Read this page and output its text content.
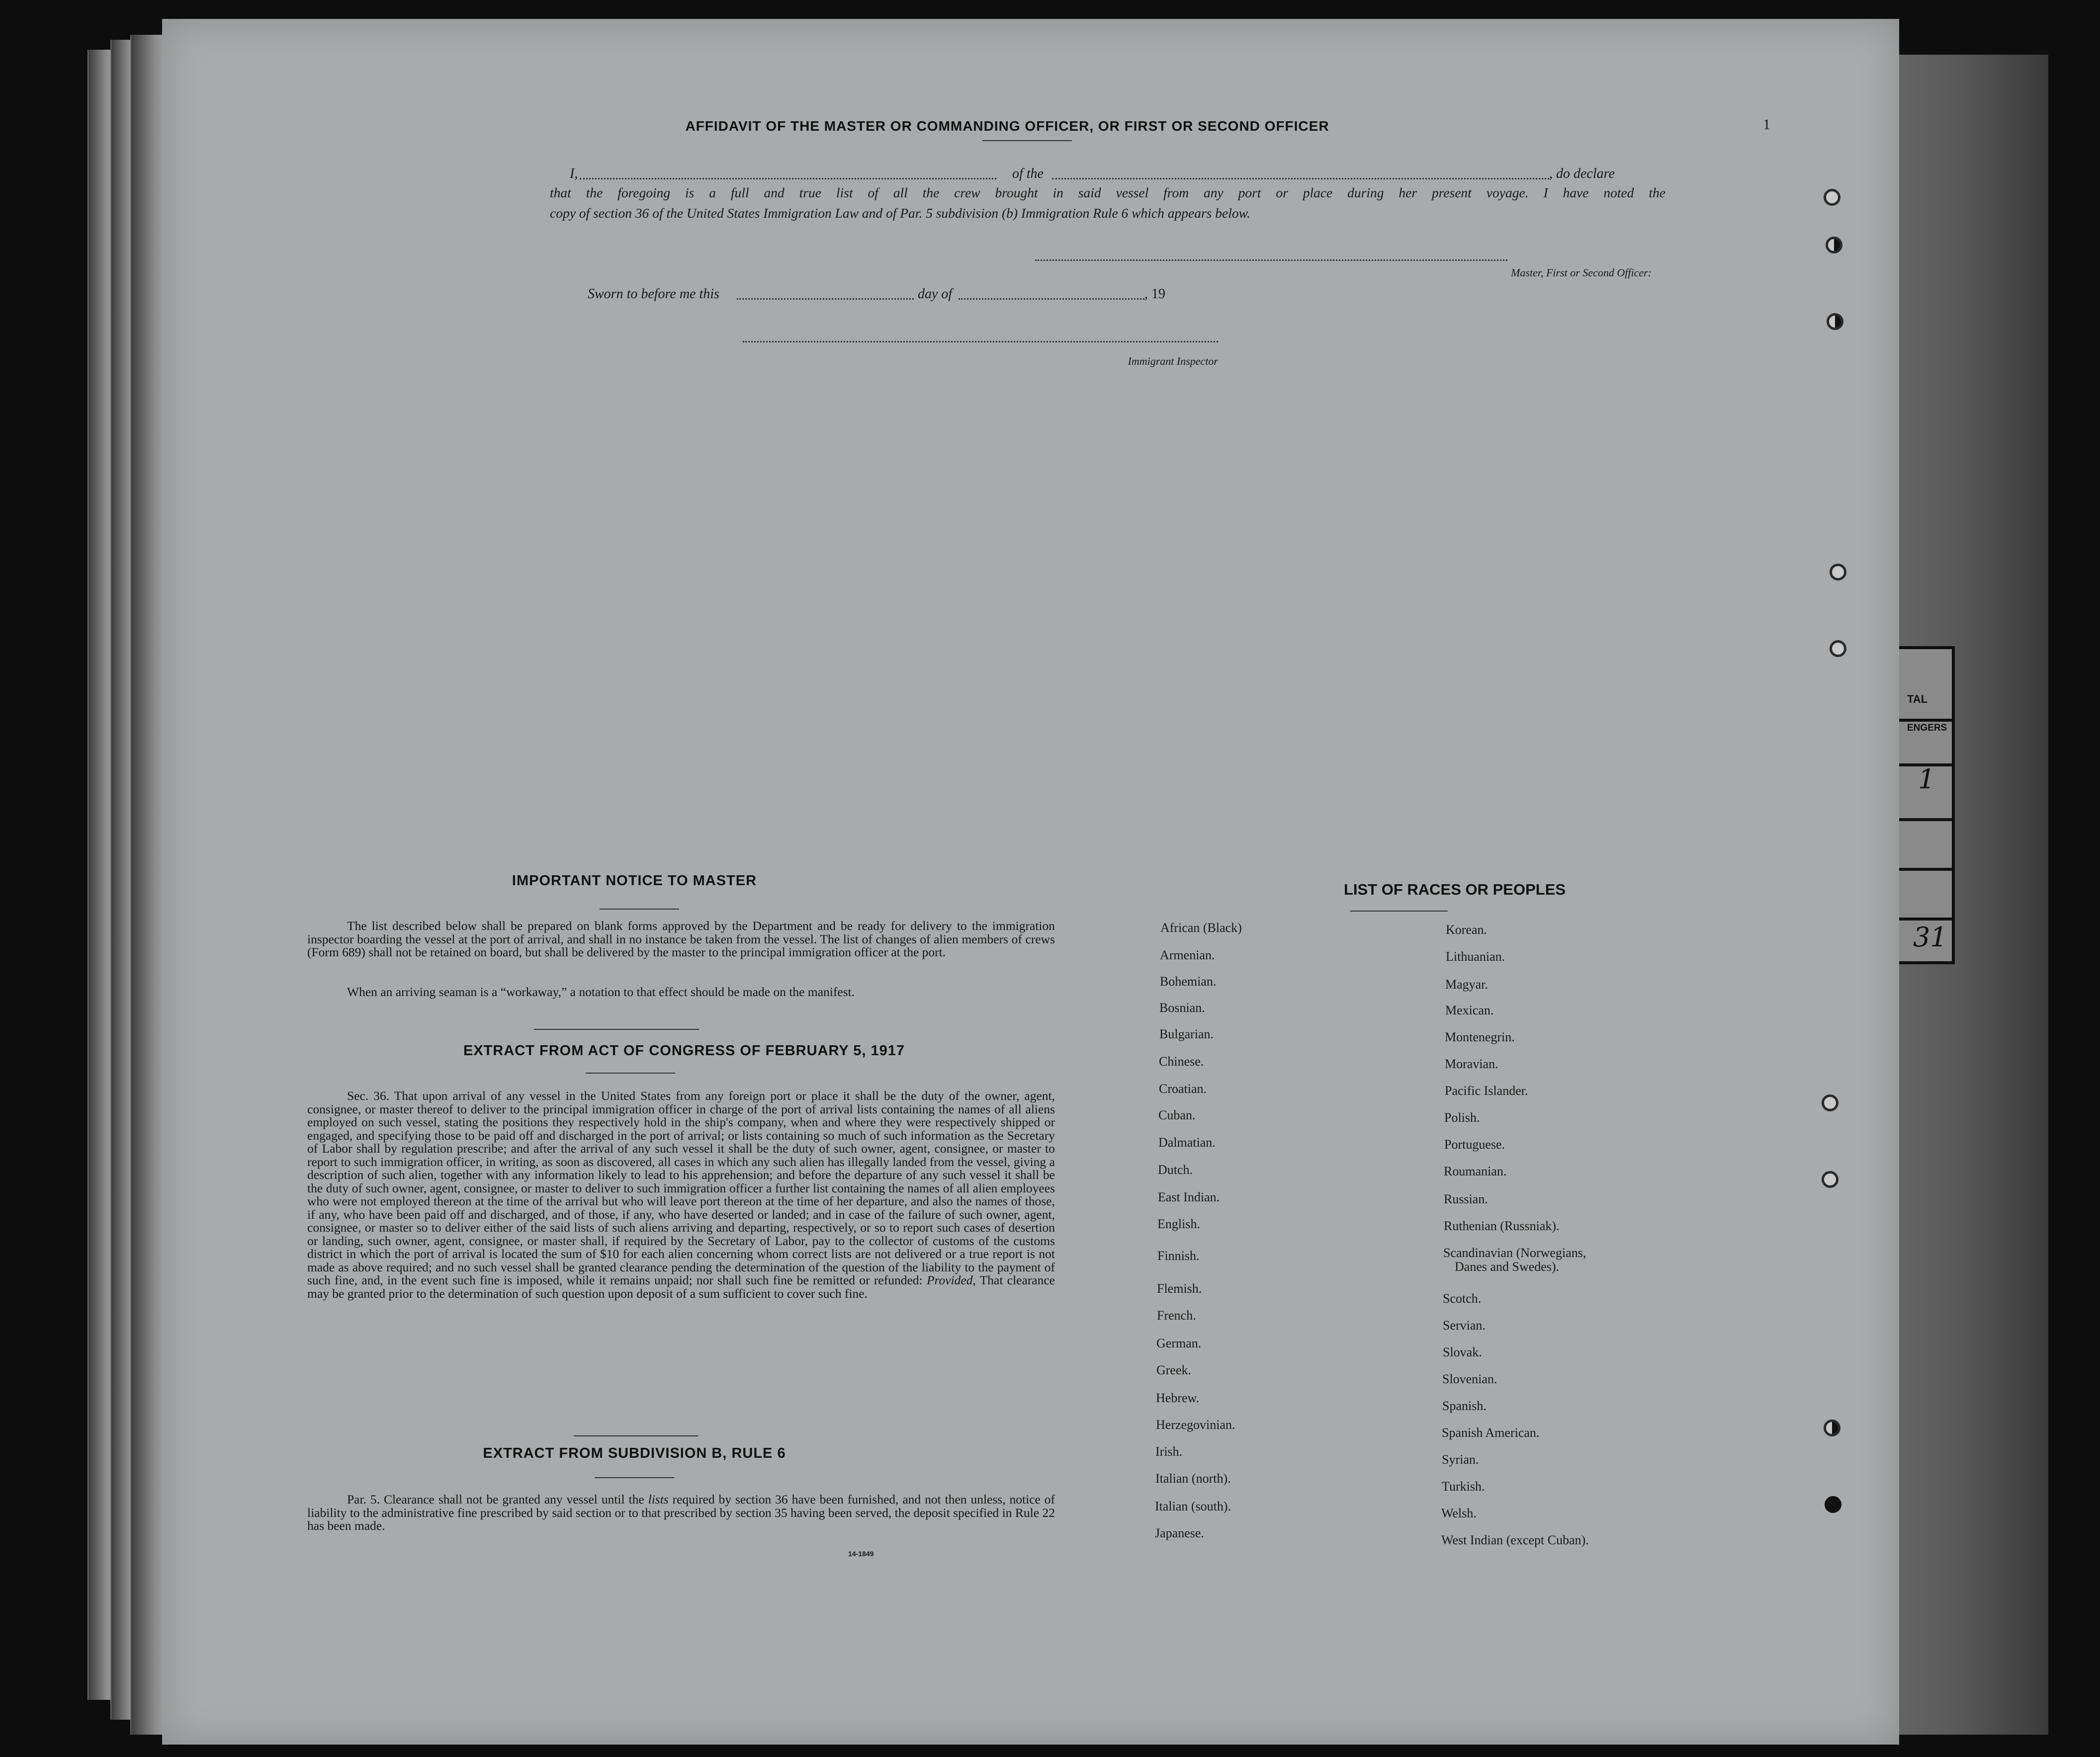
TAL
ENGERS
1
31
1
AFFIDAVIT OF THE MASTER OR COMMANDING OFFICER, OR FIRST OR SECOND OFFICER
I,	of the	, do declare
that the foregoing is a full and true list of all the crew brought in said vessel from any port or place during her present voyage. I have noted the
copy of section 36 of the United States Immigration Law and of Par. 5 subdivision (b) Immigration Rule 6 which appears below.
Master, First or Second Officer:
Sworn to before me this	day of	, 19
Immigrant Inspector
IMPORTANT NOTICE TO MASTER
The list described below shall be prepared on blank forms approved by the Department and be ready for delivery to the immigration inspector boarding the vessel at the port of arrival, and shall in no instance be taken from the vessel. The list of changes of alien members of crews (Form 689) shall not be retained on board, but shall be delivered by the master to the principal immigration officer at the port.
When an arriving seaman is a “workaway,” a notation to that effect should be made on the manifest.
EXTRACT FROM ACT OF CONGRESS OF FEBRUARY 5, 1917
Sec. 36. That upon arrival of any vessel in the United States from any foreign port or place it shall be the duty of the owner, agent, consignee, or master thereof to deliver to the principal immigration officer in charge of the port of arrival lists containing the names of all aliens employed on such vessel, stating the positions they respectively hold in the ship's company, when and where they were respectively shipped or engaged, and specifying those to be paid off and discharged in the port of arrival; or lists containing so much of such information as the Secretary of Labor shall by regulation prescribe; and after the arrival of any such vessel it shall be the duty of such owner, agent, consignee, or master to report to such immigration officer, in writing, as soon as discovered, all cases in which any such alien has illegally landed from the vessel, giving a description of such alien, together with any information likely to lead to his apprehension; and before the departure of any such vessel it shall be the duty of such owner, agent, consignee, or master to deliver to such immigration officer a further list containing the names of all alien employees who were not employed thereon at the time of the arrival but who will leave port thereon at the time of her departure, and also the names of those, if any, who have been paid off and discharged, and of those, if any, who have deserted or landed; and in case of the failure of such owner, agent, consignee, or master so to deliver either of the said lists of such aliens arriving and departing, respectively, or so to report such cases of desertion or landing, such owner, agent, consignee, or master shall, if required by the Secretary of Labor, pay to the collector of customs of the customs district in which the port of arrival is located the sum of $10 for each alien concerning whom correct lists are not delivered or a true report is not made as above required; and no such vessel shall be granted clearance pending the determination of the question of the liability to the payment of such fine, and, in the event such fine is imposed, while it remains unpaid; nor shall such fine be remitted or refunded: Provided, That clearance may be granted prior to the determination of such question upon deposit of a sum sufficient to cover such fine.
EXTRACT FROM SUBDIVISION B, RULE 6
Par. 5. Clearance shall not be granted any vessel until the lists required by section 36 have been furnished, and not then unless, notice of liability to the administrative fine prescribed by said section or to that prescribed by section 35 having been served, the deposit specified in Rule 22 has been made.
14-1849
LIST OF RACES OR PEOPLES
African (Black)
Armenian.
Bohemian.
Bosnian.
Bulgarian.
Chinese.
Croatian.
Cuban.
Dalmatian.
Dutch.
East Indian.
English.
Finnish.
Flemish.
French.
German.
Greek.
Hebrew.
Herzegovinian.
Irish.
Italian (north).
Italian (south).
Japanese.
Korean.
Lithuanian.
Magyar.
Mexican.
Montenegrin.
Moravian.
Pacific Islander.
Polish.
Portuguese.
Roumanian.
Russian.
Ruthenian (Russniak).
Scandinavian (Norwegians,
Danes and Swedes).
Scotch.
Servian.
Slovak.
Slovenian.
Spanish.
Spanish American.
Syrian.
Turkish.
Welsh.
West Indian (except Cuban).
